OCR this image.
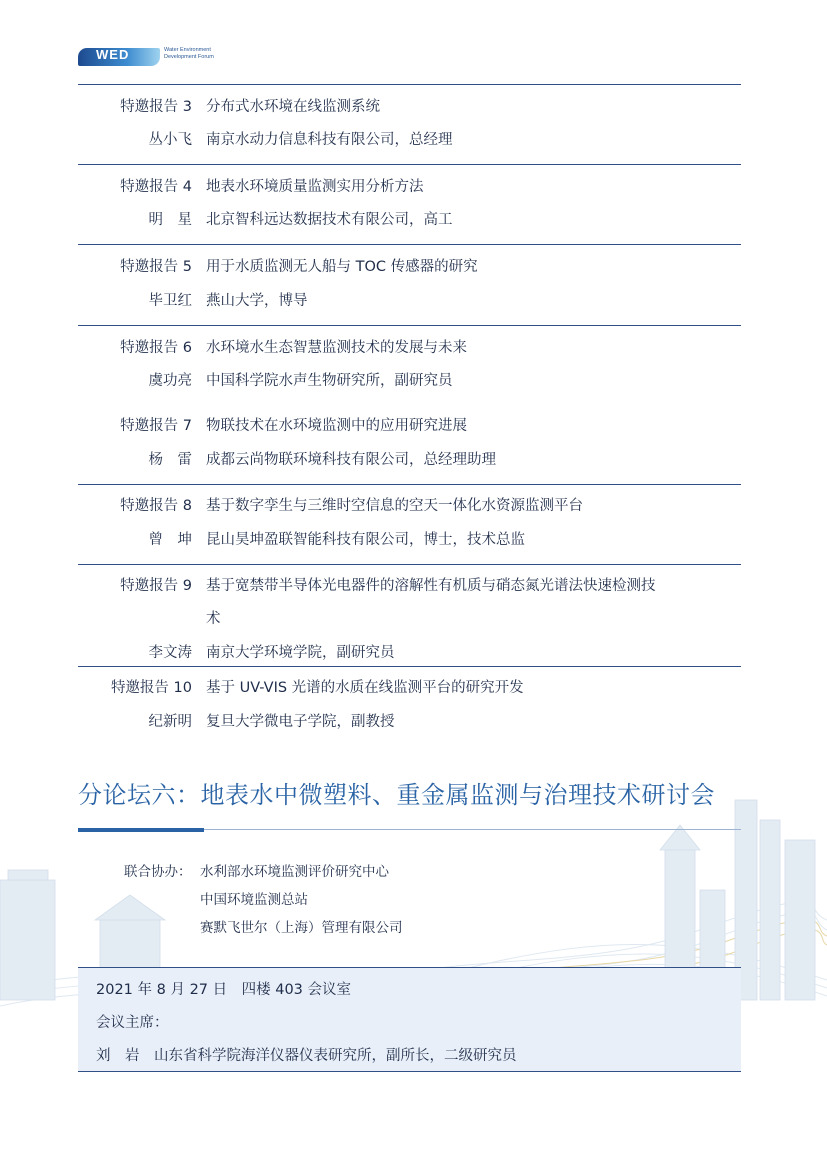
WED	Water Environment Development Forum
特邀报告 3 分布式水环境在线监测系统
丛小飞 南京水动力信息科技有限公司，总经理
特邀报告 4 地表水环境质量监测实用分析方法
明　星 北京智科远达数据技术有限公司，高工
特邀报告 5 用于水质监测无人船与 TOC 传感器的研究
毕卫红 燕山大学，博导
特邀报告 6 水环境水生态智慧监测技术的发展与未来
虞功亮 中国科学院水声生物研究所，副研究员
特邀报告 7 物联技术在水环境监测中的应用研究进展
杨　雷 成都云尚物联环境科技有限公司，总经理助理
特邀报告 8 基于数字孪生与三维时空信息的空天一体化水资源监测平台
曾　坤 昆山昊坤盈联智能科技有限公司，博士，技术总监
特邀报告 9 基于宽禁带半导体光电器件的溶解性有机质与硝态氮光谱法快速检测技
术
李文涛 南京大学环境学院，副研究员
特邀报告 10 基于 UV-VIS 光谱的水质在线监测平台的研究开发
纪新明 复旦大学微电子学院，副教授
分论坛六：地表水中微塑料、重金属监测与治理技术研讨会
联合协办： 水利部水环境监测评价研究中心
中国环境监测总站
赛默飞世尔（上海）管理有限公司
2021 年 8 月 27 日　四楼 403 会议室
会议主席：
刘　岩　山东省科学院海洋仪器仪表研究所，副所长，二级研究员
